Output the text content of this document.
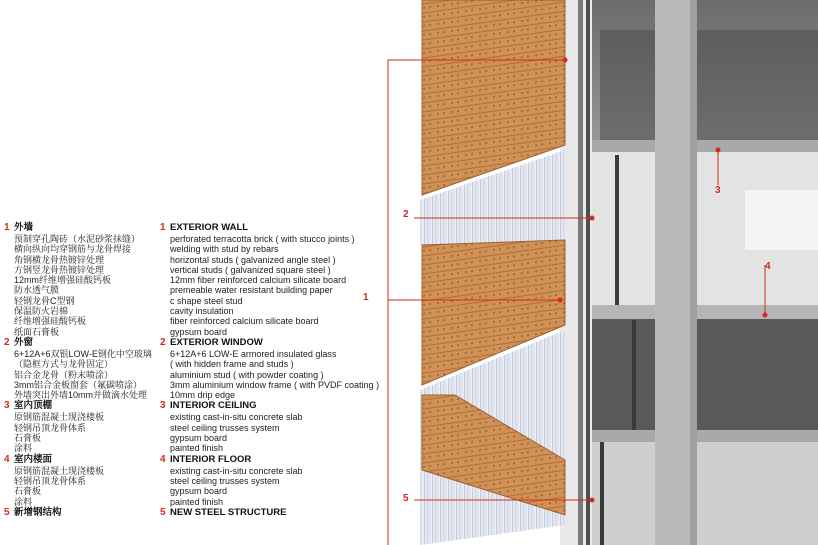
1
2
3
4
5
1 外墙
预制穿孔陶砖（水泥砂浆抹缝）
横向纵向均穿钢筋与龙骨焊接
角钢横龙骨热镀锌处理
方钢竖龙骨热镀锌处理
12mm纤维增强硅酸钙板
防水透气膜
轻钢龙骨C型钢
保温防火岩棉
纤维增强硅酸钙板
纸面石膏板
2 外窗
6+12A+6双银LOW-E钢化中空玻璃
（隐框方式与龙骨固定）
铝合金龙骨（粉末喷涂）
3mm铝合金板窗套（氟碳喷涂）
外墙突出外墙10mm并做滴水处理
3 室内顶棚
原钢筋混凝土现浇楼板
轻钢吊顶龙骨体系
石膏板
涂料
4 室内楼面
原钢筋混凝土现浇楼板
轻钢吊顶龙骨体系
石膏板
涂料
5 新增钢结构
1 EXTERIOR WALL
perforated terracotta brick ( with stucco joints )
welding with stud by rebars
horizontal studs ( galvanized angle steel )
vertical studs ( galvanized square steel )
12mm fiber reinforced calcium silicate board
premeable water resistant building paper
c shape steel stud
cavity insulation
fiber reinforced calcium silicate board
gypsum board
2 EXTERIOR WINDOW
6+12A+6 LOW-E armored insulated glass
( with hidden frame and studs )
aluminium stud ( with powder coating )
3mm aluminium window frame ( with PVDF coating )
10mm drip edge
3 INTERIOR CEILING
existing cast-in-situ concrete slab
steel ceiling trusses system
gypsum board
painted finish
4 INTERIOR FLOOR
existing cast-in-situ concrete slab
steel ceiling trusses system
gypsum board
painted finish
5 NEW STEEL STRUCTURE
